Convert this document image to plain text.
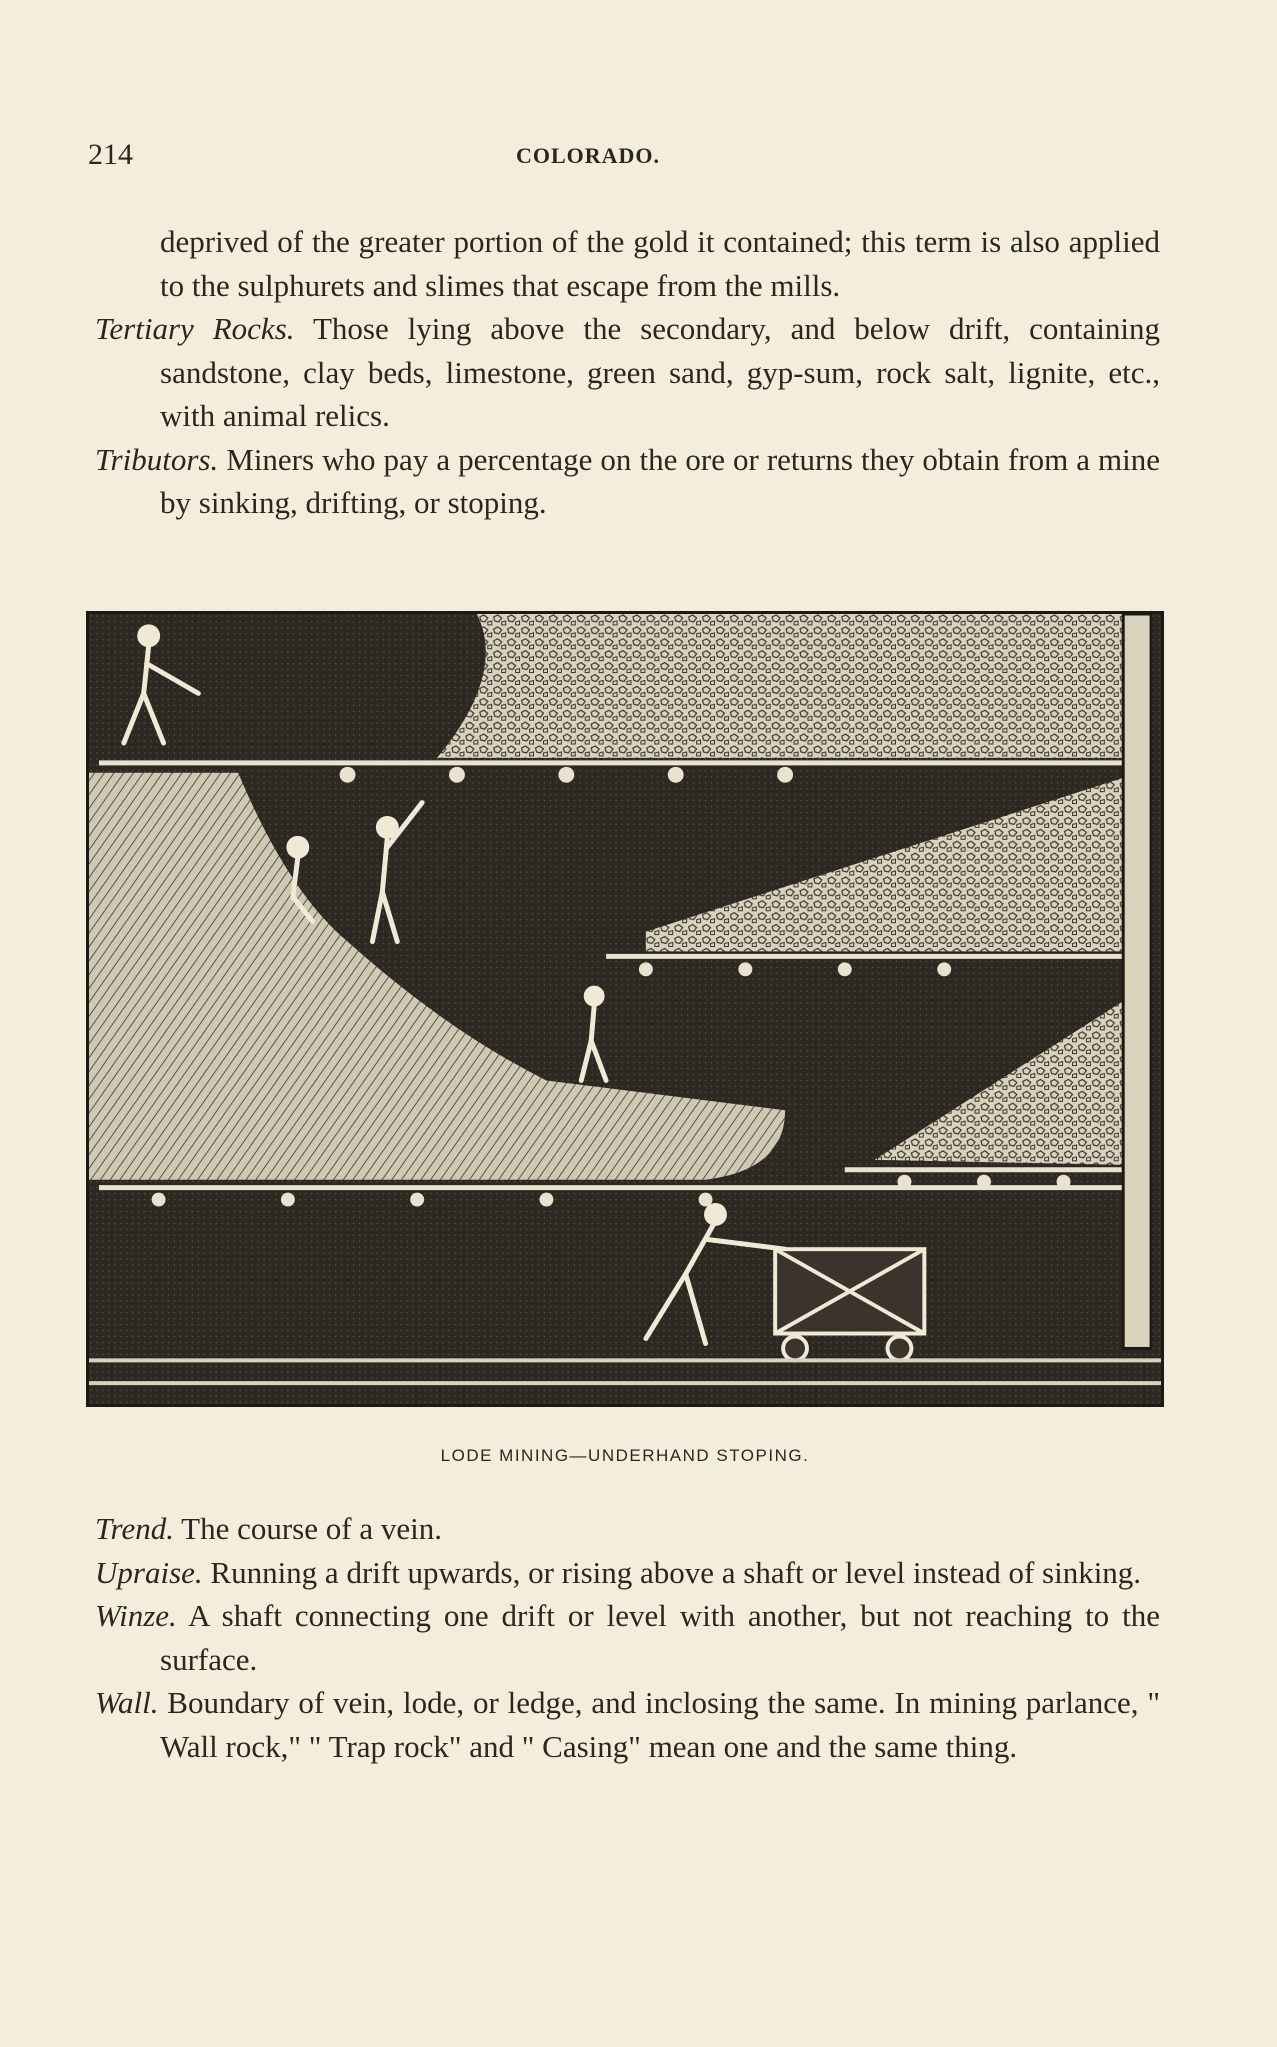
214	COLORADO.

deprived of the greater portion of the gold it contained; this term is also applied to the sulphurets and slimes that escape from the mills.

Tertiary Rocks. Those lying above the secondary, and below drift, containing sandstone, clay beds, limestone, green sand, gyp-sum, rock salt, lignite, etc., with animal relics.

Tributors. Miners who pay a percentage on the ore or returns they obtain from a mine by sinking, drifting, or stoping.

LODE MINING—UNDERHAND STOPING.

Trend. The course of a vein.

Upraise. Running a drift upwards, or rising above a shaft or level instead of sinking.

Winze. A shaft connecting one drift or level with another, but not reaching to the surface.

Wall. Boundary of vein, lode, or ledge, and inclosing the same. In mining parlance, " Wall rock," " Trap rock" and " Casing" mean one and the same thing.
